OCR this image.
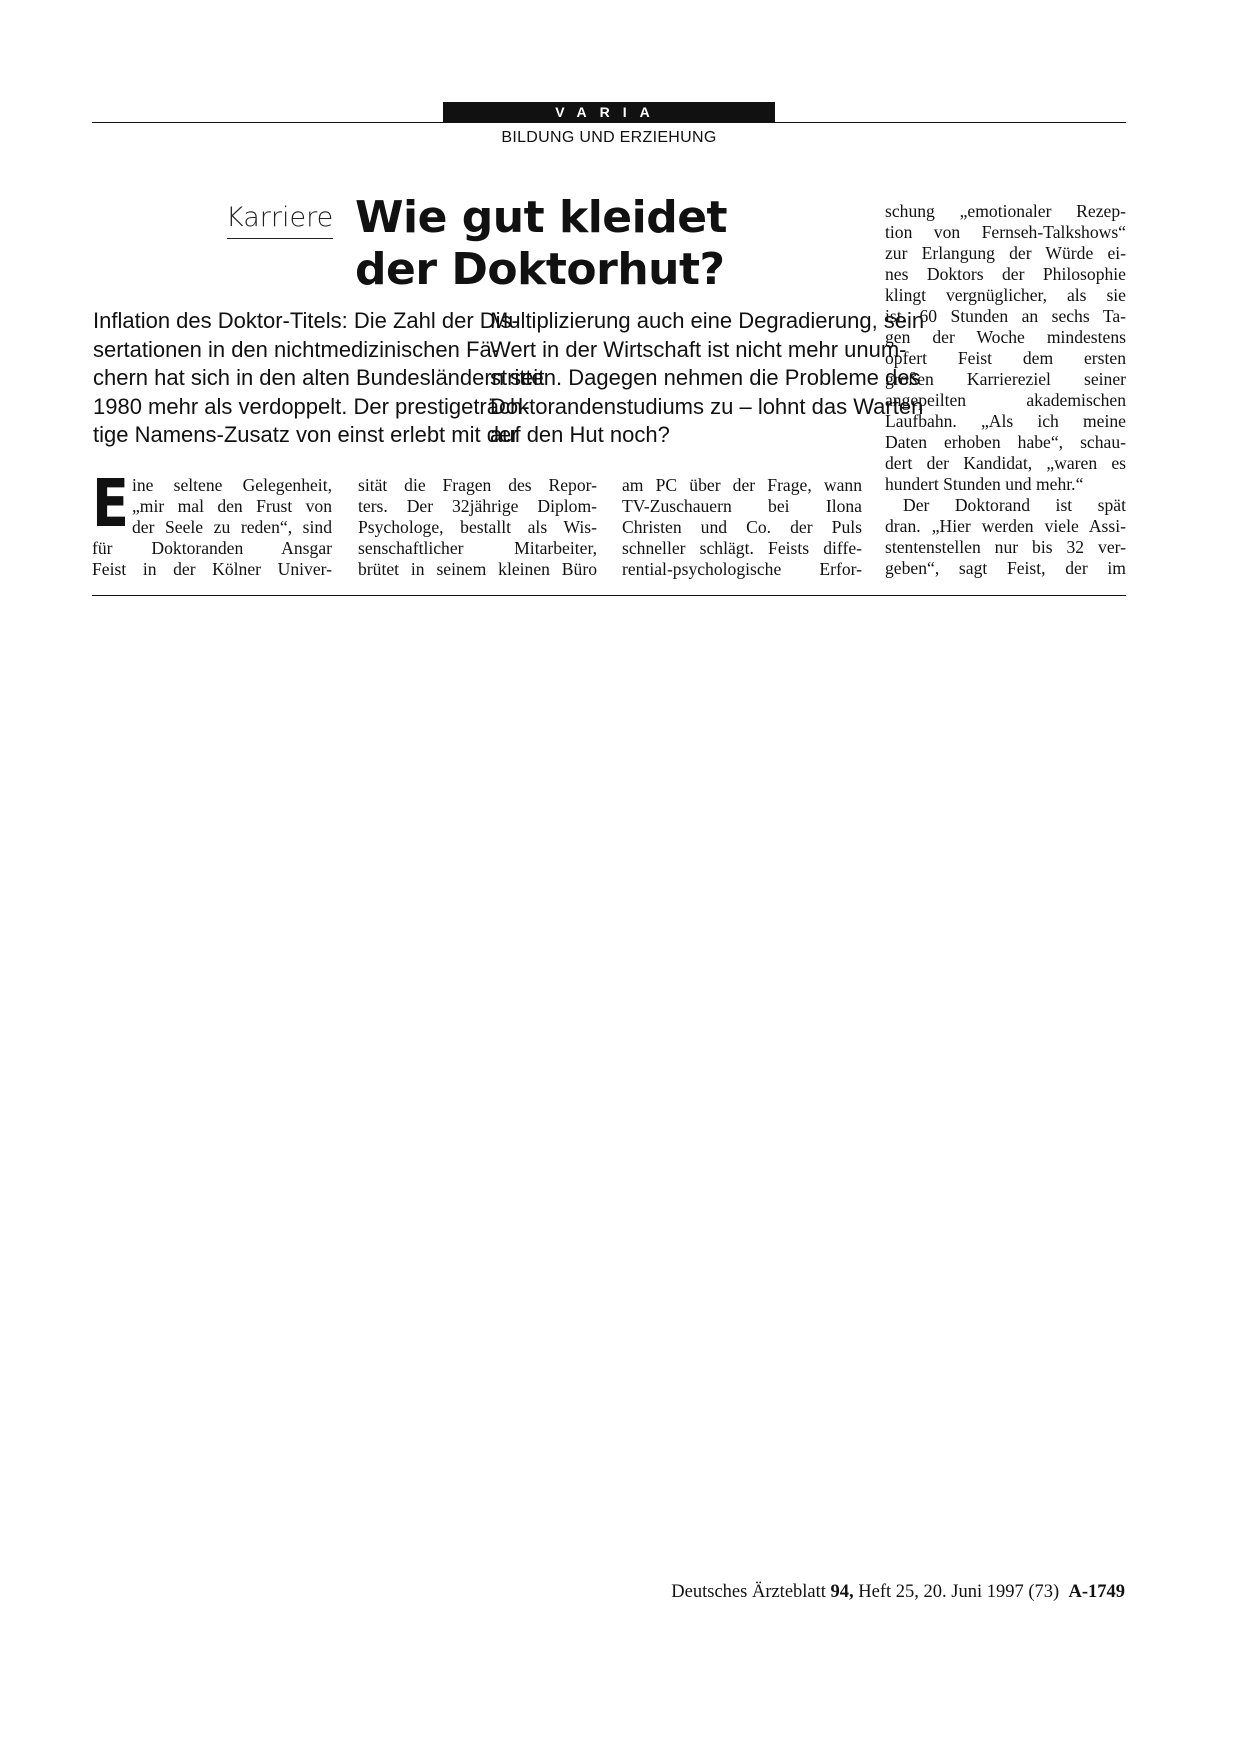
VARIA
BILDUNG UND ERZIEHUNG
Karriere Wie gut kleidet
der Doktorhut?
Inflation des Doktor-Titels: Die Zahl der Dis-
sertationen in den nichtmedizinischen Fä-
chern hat sich in den alten Bundesländern seit
1980 mehr als verdoppelt. Der prestigeträch-
tige Namens-Zusatz von einst erlebt mit der
Multiplizierung auch eine Degradierung, sein
Wert in der Wirtschaft ist nicht mehr unum-
stritten. Dagegen nehmen die Probleme des
Doktorandenstudiums zu – lohnt das Warten
auf den Hut noch?
E ine seltene Gelegenheit,
„mir mal den Frust von
der Seele zu reden“, sind
für Doktoranden Ansgar
Feist in der Kölner Univer-
sität die Fragen des Repor-
ters. Der 32jährige Diplom-
Psychologe, bestallt als Wis-
senschaftlicher Mitarbeiter,
brütet in seinem kleinen Büro
am PC über der Frage, wann
TV-Zuschauern bei Ilona
Christen und Co. der Puls
schneller schlägt. Feists diffe-
rential-psychologische Erfor-
schung „emotionaler Rezep-
tion von Fernseh-Talkshows“
zur Erlangung der Würde ei-
nes Doktors der Philosophie
klingt vergnüglicher, als sie
ist. 60 Stunden an sechs Ta-
gen der Woche mindestens
opfert Feist dem ersten
großen Karriereziel seiner
angepeilten akademischen
Laufbahn. „Als ich meine
Daten erhoben habe“, schau-
dert der Kandidat, „waren es
hundert Stunden und mehr.“
Der Doktorand ist spät
dran. „Hier werden viele Assi-
stentenstellen nur bis 32 ver-
geben“, sagt Feist, der im
Deutsches Ärzteblatt 94, Heft 25, 20. Juni 1997 (73) A-1749
